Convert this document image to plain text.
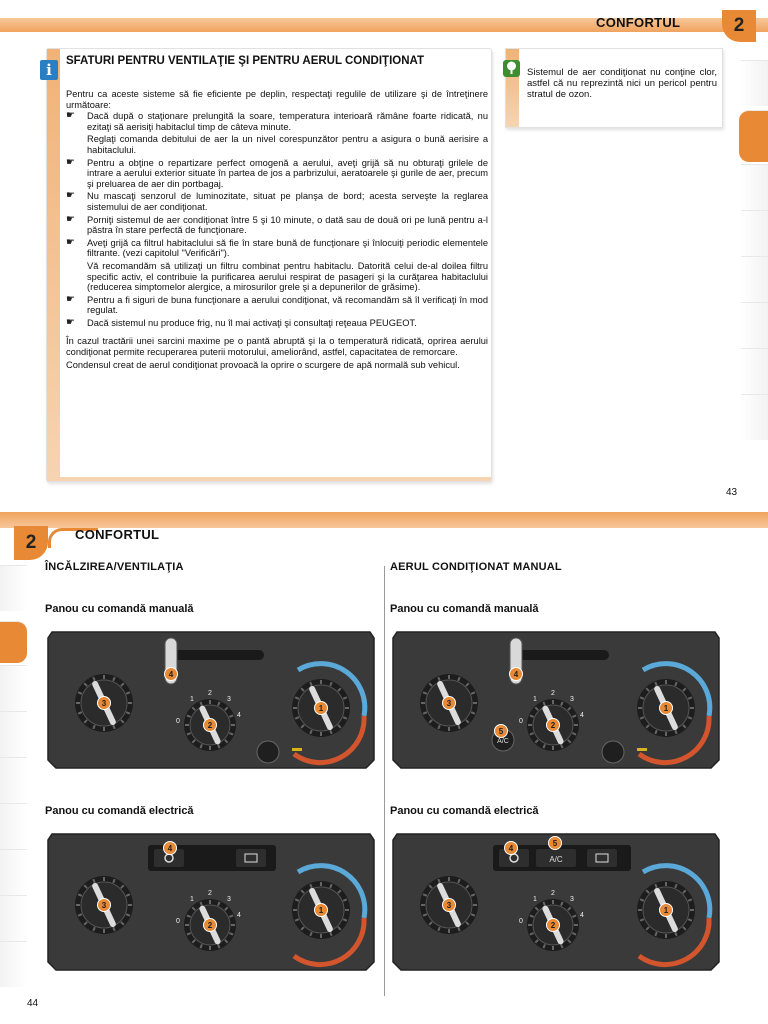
CONFORTUL	2
i	SFATURI PENTRU VENTILAŢIE ŞI PENTRU AERUL CONDIŢIONAT

Pentru ca aceste sisteme să fie eficiente pe deplin, respectaţi regulile de utilizare şi de întreţinere următoare:

☛ Dacă după o staţionare prelungită la soare, temperatura interioară rămâne foarte ridicată, nu ezitaţi să aerisiţi habitaclul timp de câteva minute.
Reglaţi comanda debitului de aer la un nivel corespunzător pentru a asigura o bună aerisire a habitaclului.
☛ Pentru a obţine o repartizare perfect omogenă a aerului, aveţi grijă să nu obturaţi grilele de intrare a aerului exterior situate în partea de jos a parbrizului, aeratoarele şi gurile de aer, precum şi preluarea de aer din portbagaj.
☛ Nu mascaţi senzorul de luminozitate, situat pe planşa de bord; acesta serveşte la reglarea sistemului de aer condiţionat.
☛ Porniţi sistemul de aer condiţionat între 5 şi 10 minute, o dată sau de două ori pe lună pentru a-l păstra în stare perfectă de funcţionare.
☛ Aveţi grijă ca filtrul habitaclului să fie în stare bună de funcţionare şi înlocuiţi periodic elementele filtrante. (vezi capitolul "Verificări").
Vă recomandăm să utilizaţi un filtru combinat pentru habitaclu. Datorită celui de-al doilea filtru specific activ, el contribuie la purificarea aerului respirat de pasageri şi la curăţarea habitaclului (reducerea simptomelor alergice, a mirosurilor grele şi a depunerilor de grăsime).
☛ Pentru a fi siguri de buna funcţionare a aerului condiţionat, vă recomandăm să îl verificaţi în mod regulat.
☛ Dacă sistemul nu produce frig, nu îl mai activaţi şi consultaţi reţeaua PEUGEOT.

În cazul tractării unei sarcini maxime pe o pantă abruptă şi la o temperatură ridicată, oprirea aerului condiţionat permite recuperarea puterii motorului, ameliorând, astfel, capacitatea de remorcare.

Condensul creat de aerul condiţionat provoacă la oprire o scurgere de apă normală sub vehicul.

Sistemul de aer condiţionat nu conţine clor, astfel că nu reprezintă nici un pericol pentru stratul de ozon.
43
2	CONFORTUL
ÎNCĂLZIREA/VENTILAŢIA	AERUL CONDIŢIONAT MANUAL
Panou cu comandă manuală	Panou cu comandă manuală
Panou cu comandă electrică	Panou cu comandă electrică
4
0
1
2
3
4
3
2
1
4
A/C
5
0
1
2
3
4
3
2
1
4
0
1
2
3
4
3
2
1
A/C
5
4
0
1
2
3
4
3
2
1
44
